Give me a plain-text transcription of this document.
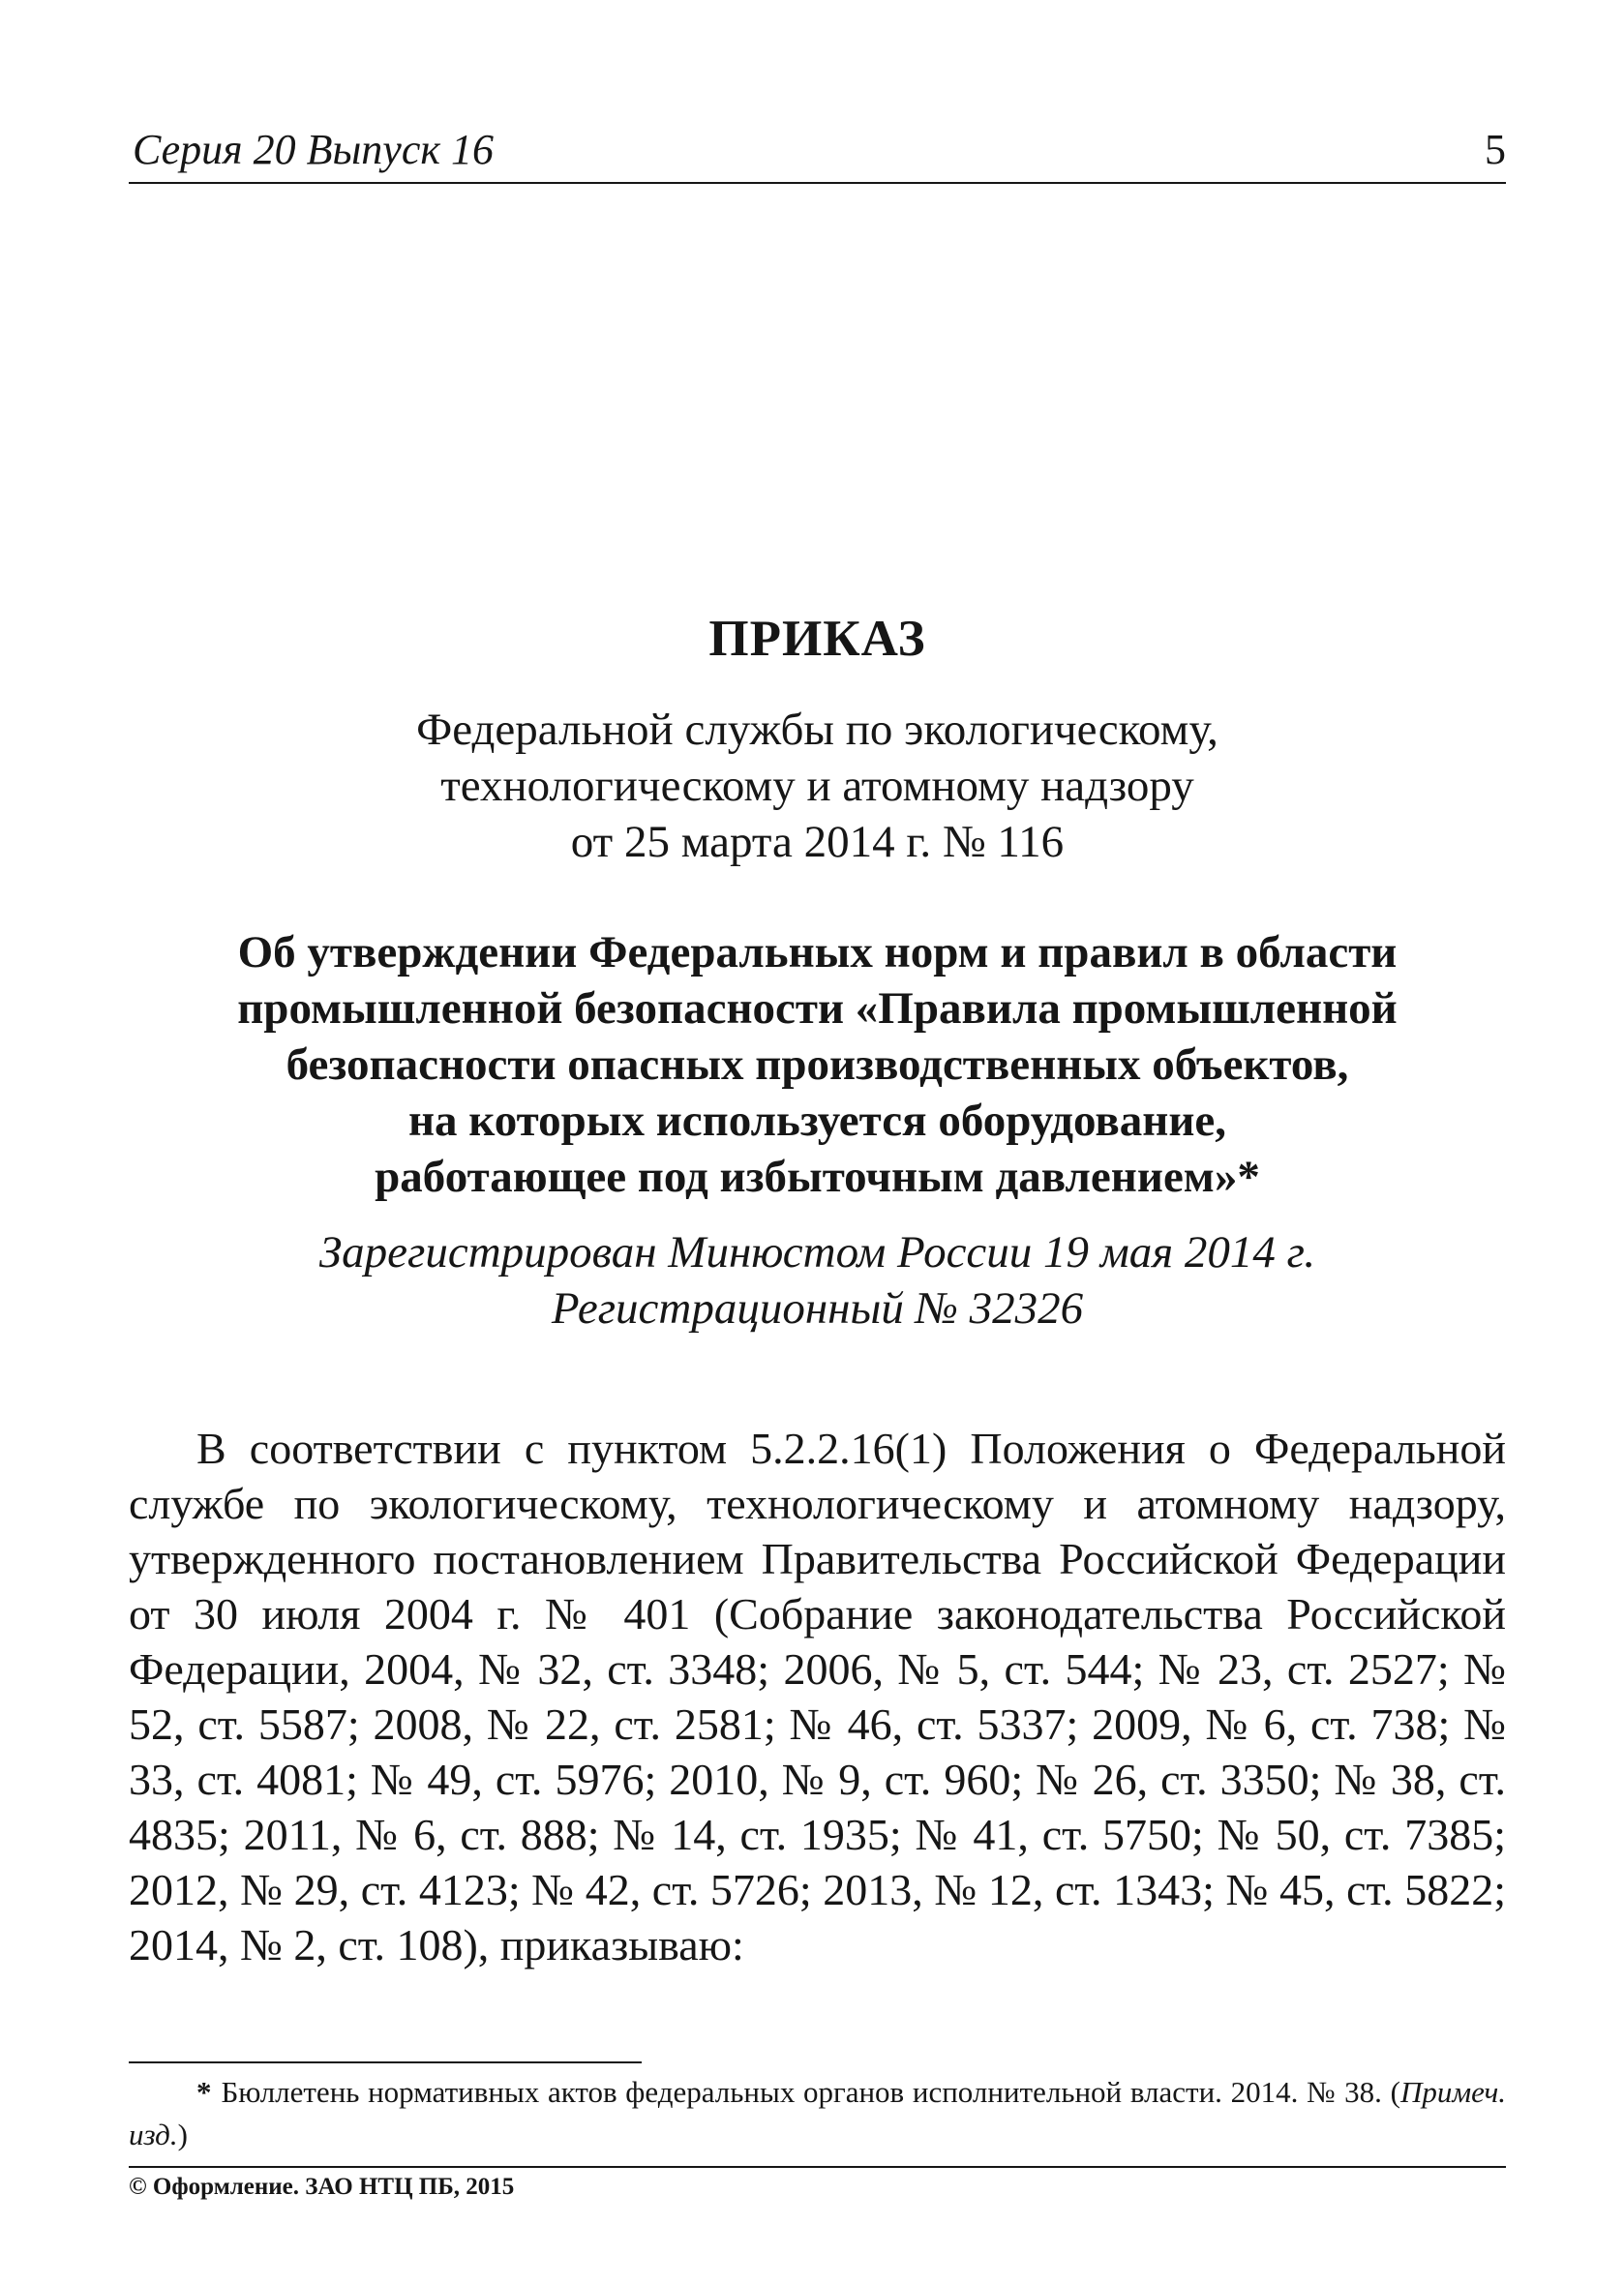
Серия 20 Выпуск 16	5
ПРИКАЗ
Федеральной службы по экологическому,
технологическому и атомному надзору
от 25 марта 2014 г. № 116
Об утверждении Федеральных норм и правил в области
промышленной безопасности «Правила промышленной
безопасности опасных производственных объектов,
на которых используется оборудование,
работающее под избыточным давлением»*
Зарегистрирован Минюстом России 19 мая 2014 г.
Регистрационный № 32326

В соответствии с пунктом 5.2.2.16(1) Положения о Федеральной службе по экологическому, технологическому и атомному надзору, утвержденного постановлением Правительства Российской Федерации от 30 июля 2004 г. № 401 (Собрание законодательства Российской Федерации, 2004, № 32, ст. 3348; 2006, № 5, ст. 544; № 23, ст. 2527; № 52, ст. 5587; 2008, № 22, ст. 2581; № 46, ст. 5337; 2009, № 6, ст. 738; № 33, ст. 4081; № 49, ст. 5976; 2010, № 9, ст. 960; № 26, ст. 3350; № 38, ст. 4835; 2011, № 6, ст. 888; № 14, ст. 1935; № 41, ст. 5750; № 50, ст. 7385; 2012, № 29, ст. 4123; № 42, ст. 5726; 2013, № 12, ст. 1343; № 45, ст. 5822; 2014, № 2, ст. 108), приказываю:

* Бюллетень нормативных актов федеральных органов исполнительной власти. 2014. № 38. (Примеч. изд.)

© Оформление. ЗАО НТЦ ПБ, 2015
